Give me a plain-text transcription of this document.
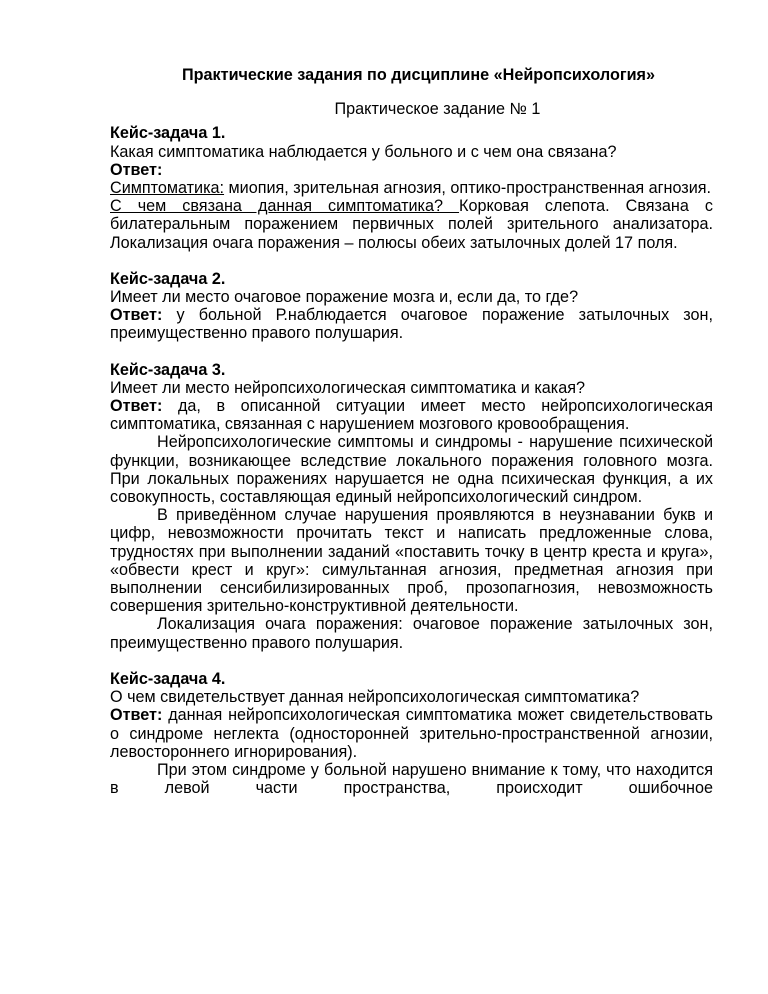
Практические задания по дисциплине «Нейропсихология»

Практическое задание № 1

Кейс-задача 1.

Какая симптоматика наблюдается у больного и с чем она связана?

Ответ:

Симптоматика: миопия, зрительная агнозия, оптико-пространственная агнозия.

С чем связана данная симптоматика? Корковая слепота. Связана с билатеральным поражением первичных полей зрительного анализатора. Локализация очага поражения – полюсы обеих затылочных долей 17 поля.

Кейс-задача 2.

Имеет ли место очаговое поражение мозга и, если да, то где?

Ответ: у больной Р.наблюдается очаговое поражение затылочных зон, преимущественно правого полушария.

Кейс-задача 3.

Имеет ли место нейропсихологическая симптоматика и какая?

Ответ: да, в описанной ситуации имеет место нейропсихологическая симптоматика, связанная с нарушением мозгового кровообращения.

Нейропсихологические симптомы и синдромы - нарушение психической функции, возникающее вследствие локального поражения головного мозга. При локальных поражениях нарушается не одна психическая функция, а их совокупность, составляющая единый нейропсихологический синдром.

В приведённом случае нарушения проявляются в неузнавании букв и цифр, невозможности прочитать текст и написать предложенные слова, трудностях при выполнении заданий «поставить точку в центр креста и круга», «обвести крест и круг»: симультанная агнозия, предметная агнозия при выполнении сенсибилизированных проб, прозопагнозия, невозможность совершения зрительно-конструктивной деятельности.

Локализация очага поражения: очаговое поражение затылочных зон, преимущественно правого полушария.

Кейс-задача 4.

О чем свидетельствует данная нейропсихологическая симптоматика?

Ответ: данная нейропсихологическая симптоматика может свидетельствовать о синдроме неглекта (односторонней зрительно-пространственной агнозии, левостороннего игнорирования).

При этом синдроме у больной нарушено внимание к тому, что находится в левой части пространства, происходит ошибочное
